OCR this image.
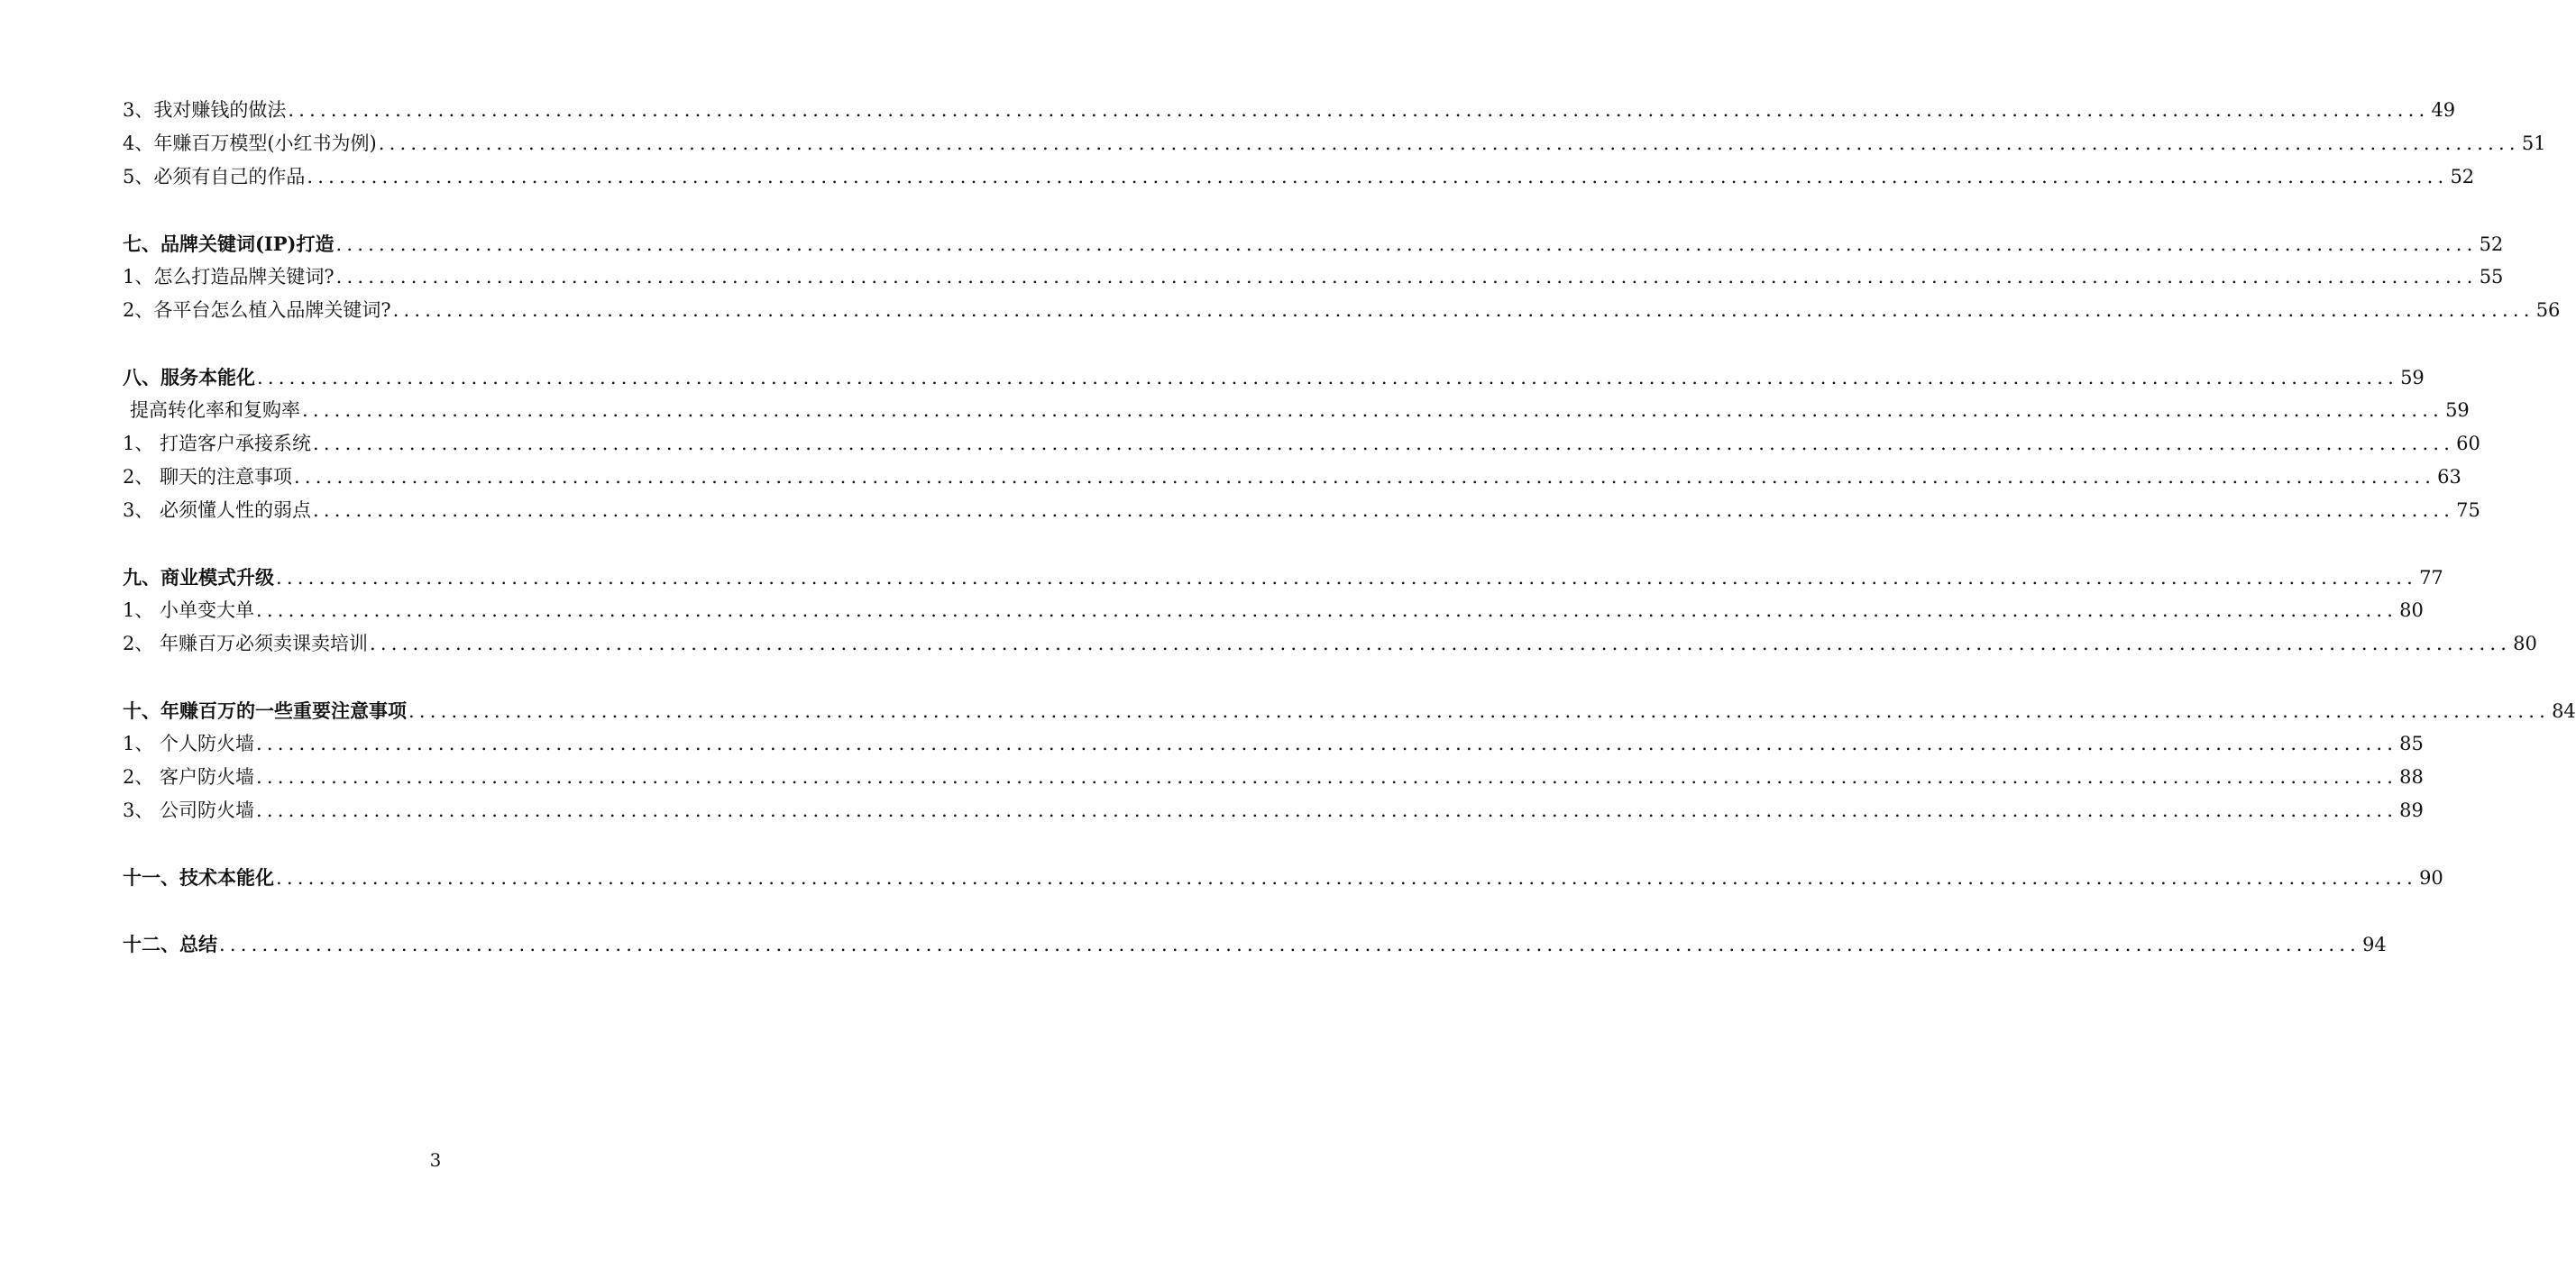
3、我对赚钱的做法 ........................................................................................................................................................................................................ 49
4、年赚百万模型(小红书为例) ........................................................................................................................................................................................................ 51
5、必须有自己的作品 ........................................................................................................................................................................................................ 52
七、品牌关键词(IP)打造 ........................................................................................................................................................................................................ 52
1、怎么打造品牌关键词? ........................................................................................................................................................................................................ 55
2、各平台怎么植入品牌关键词? ........................................................................................................................................................................................................ 56
八、服务本能化 ........................................................................................................................................................................................................ 59
提高转化率和复购率 ........................................................................................................................................................................................................ 59
1、 打造客户承接系统 ........................................................................................................................................................................................................ 60
2、 聊天的注意事项 ........................................................................................................................................................................................................ 63
3、 必须懂人性的弱点 ........................................................................................................................................................................................................ 75
九、商业模式升级 ........................................................................................................................................................................................................ 77
1、 小单变大单 ........................................................................................................................................................................................................ 80
2、 年赚百万必须卖课卖培训 ........................................................................................................................................................................................................ 80
十、年赚百万的一些重要注意事项 ........................................................................................................................................................................................................ 84
1、 个人防火墙 ........................................................................................................................................................................................................ 85
2、 客户防火墙 ........................................................................................................................................................................................................ 88
3、 公司防火墙 ........................................................................................................................................................................................................ 89
十一、技术本能化 ........................................................................................................................................................................................................ 90
十二、总结 ........................................................................................................................................................................................................ 94
3
